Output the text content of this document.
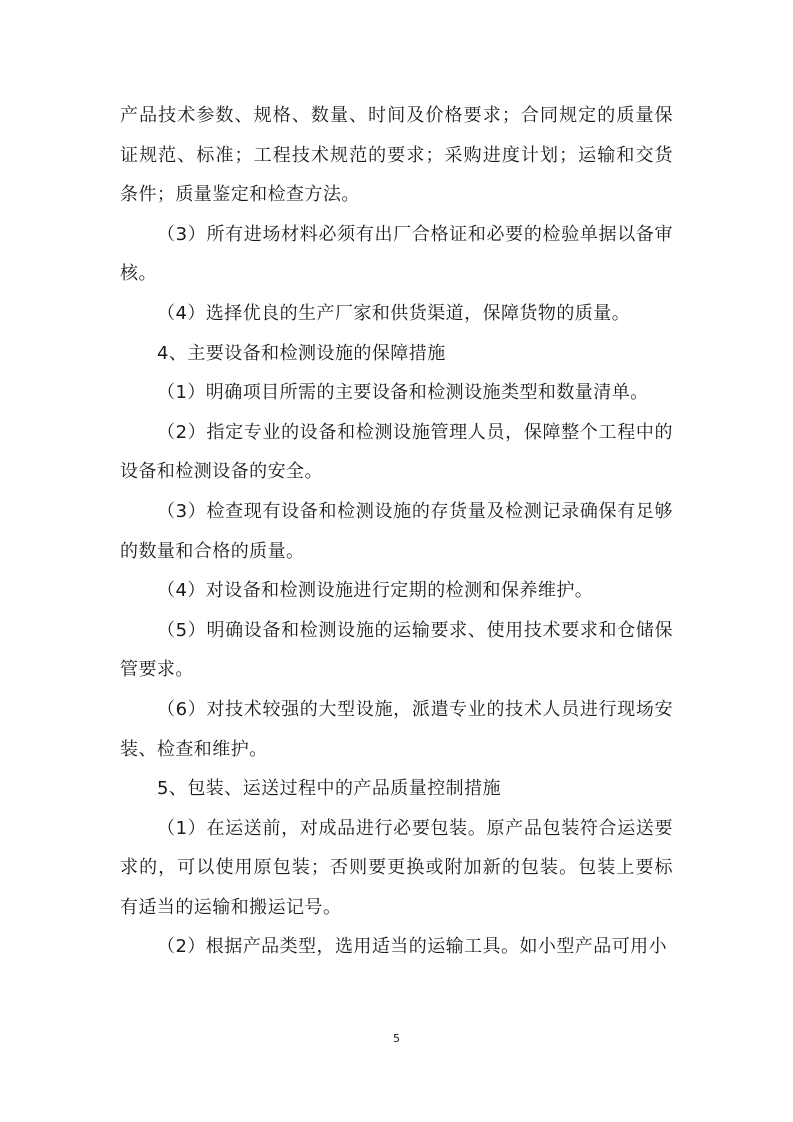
产品技术参数、规格、数量、时间及价格要求；合同规定的质量保证规范、标准；工程技术规范的要求；采购进度计划；运输和交货条件；质量鉴定和检查方法。

（3）所有进场材料必须有出厂合格证和必要的检验单据以备审核。

（4）选择优良的生产厂家和供货渠道，保障货物的质量。

4、主要设备和检测设施的保障措施

（1）明确项目所需的主要设备和检测设施类型和数量清单。

（2）指定专业的设备和检测设施管理人员，保障整个工程中的设备和检测设备的安全。

（3）检查现有设备和检测设施的存货量及检测记录确保有足够的数量和合格的质量。

（4）对设备和检测设施进行定期的检测和保养维护。

（5）明确设备和检测设施的运输要求、使用技术要求和仓储保管要求。

（6）对技术较强的大型设施，派遣专业的技术人员进行现场安装、检查和维护。

5、包装、运送过程中的产品质量控制措施

（1）在运送前，对成品进行必要包装。原产品包装符合运送要求的，可以使用原包装；否则要更换或附加新的包装。包装上要标有适当的运输和搬运记号。

（2）根据产品类型，选用适当的运输工具。如小型产品可用小

5
